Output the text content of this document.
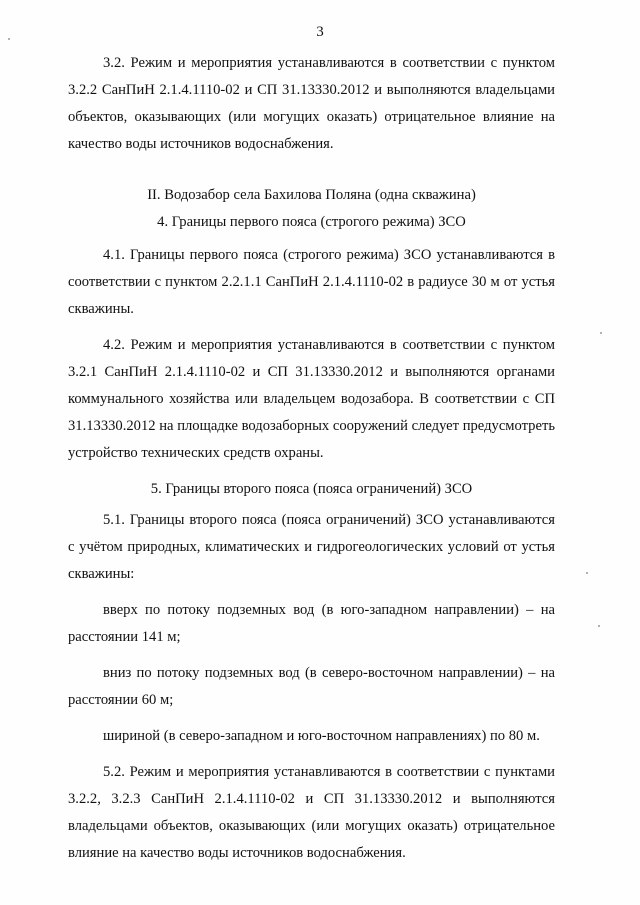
3

3.2. Режим и мероприятия устанавливаются в соответствии с пунктом 3.2.2 СанПиН 2.1.4.1110-02 и СП 31.13330.2012 и выполняются владельцами объектов, оказывающих (или могущих оказать) отрицательное влияние на качество воды источников водоснабжения.

II. Водозабор села Бахилова Поляна (одна скважина)

4. Границы первого пояса (строгого режима) ЗСО

4.1. Границы первого пояса (строгого режима) ЗСО устанавливаются в соответствии с пунктом 2.2.1.1 СанПиН 2.1.4.1110-02 в радиусе 30 м от устья скважины.

4.2. Режим и мероприятия устанавливаются в соответствии с пунктом 3.2.1 СанПиН 2.1.4.1110-02 и СП 31.13330.2012 и выполняются органами коммунального хозяйства или владельцем водозабора. В соответствии с СП 31.13330.2012 на площадке водозаборных сооружений следует предусмотреть устройство технических средств охраны.

5. Границы второго пояса (пояса ограничений) ЗСО

5.1. Границы второго пояса (пояса ограничений) ЗСО устанавливаются с учётом природных, климатических и гидрогеологических условий от устья скважины:

вверх по потоку подземных вод (в юго-западном направлении) – на расстоянии 141 м;

вниз по потоку подземных вод (в северо-восточном направлении) – на расстоянии 60 м;

шириной (в северо-западном и юго-восточном направлениях) по 80 м.

5.2. Режим и мероприятия устанавливаются в соответствии с пунктами 3.2.2, 3.2.3 СанПиН 2.1.4.1110-02 и СП 31.13330.2012 и выполняются владельцами объектов, оказывающих (или могущих оказать) отрицательное влияние на качество воды источников водоснабжения.
